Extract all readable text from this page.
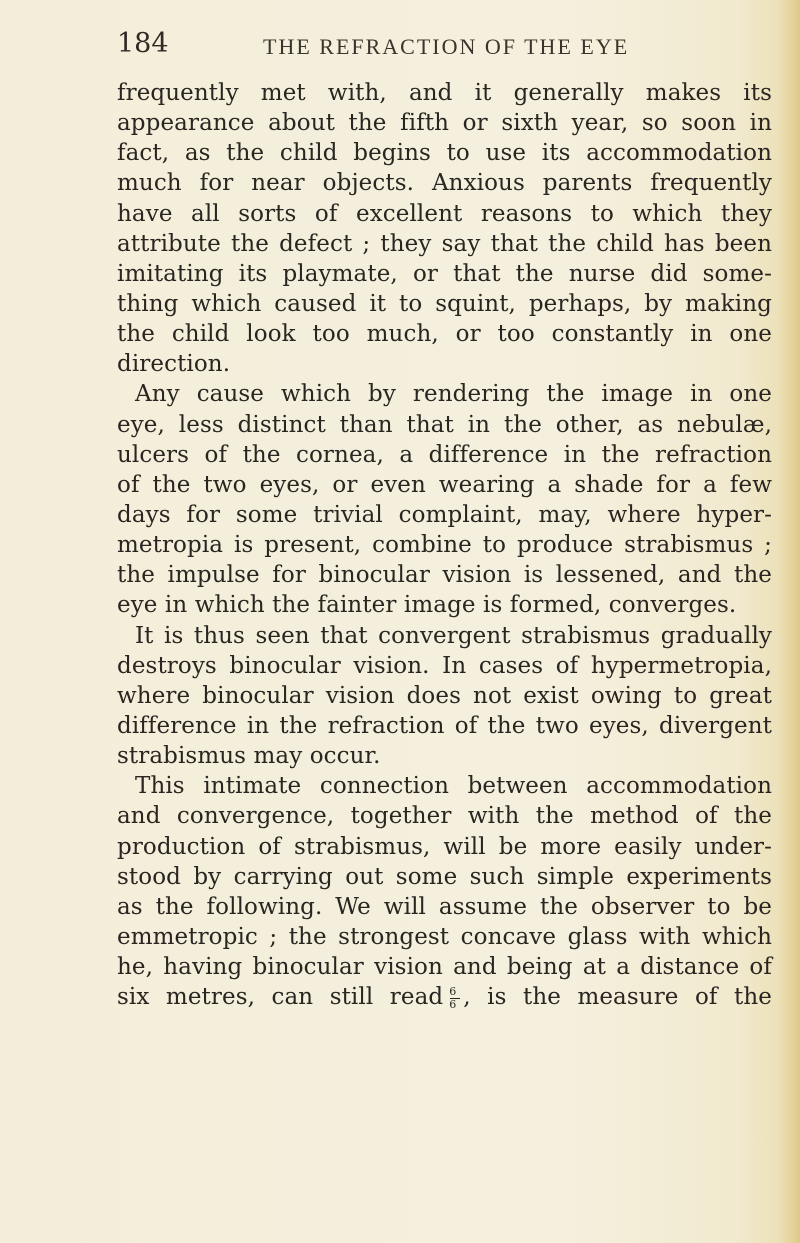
184	THE REFRACTION OF THE EYE
frequently met with, and it generally makes its
appearance about the fifth or sixth year, so soon in
fact, as the child begins to use its accommodation
much for near objects. Anxious parents frequently
have all sorts of excellent reasons to which they
attribute the defect ; they say that the child has been
imitating its playmate, or that the nurse did some-
thing which caused it to squint, perhaps, by making
the child look too much, or too constantly in one
direction.
Any cause which by rendering the image in one
eye, less distinct than that in the other, as nebulæ,
ulcers of the cornea, a difference in the refraction
of the two eyes, or even wearing a shade for a few
days for some trivial complaint, may, where hyper-
metropia is present, combine to produce strabismus ;
the impulse for binocular vision is lessened, and the
eye in which the fainter image is formed, converges.
It is thus seen that convergent strabismus gradually
destroys binocular vision. In cases of hypermetropia,
where binocular vision does not exist owing to great
difference in the refraction of the two eyes, divergent
strabismus may occur.
This intimate connection between accommodation
and convergence, together with the method of the
production of strabismus, will be more easily under-
stood by carrying out some such simple experiments
as the following. We will assume the observer to be
emmetropic ; the strongest concave glass with which
he, having binocular vision and being at a distance of
six metres, can still read $\frac{6}{6}$ , is the measure of the
